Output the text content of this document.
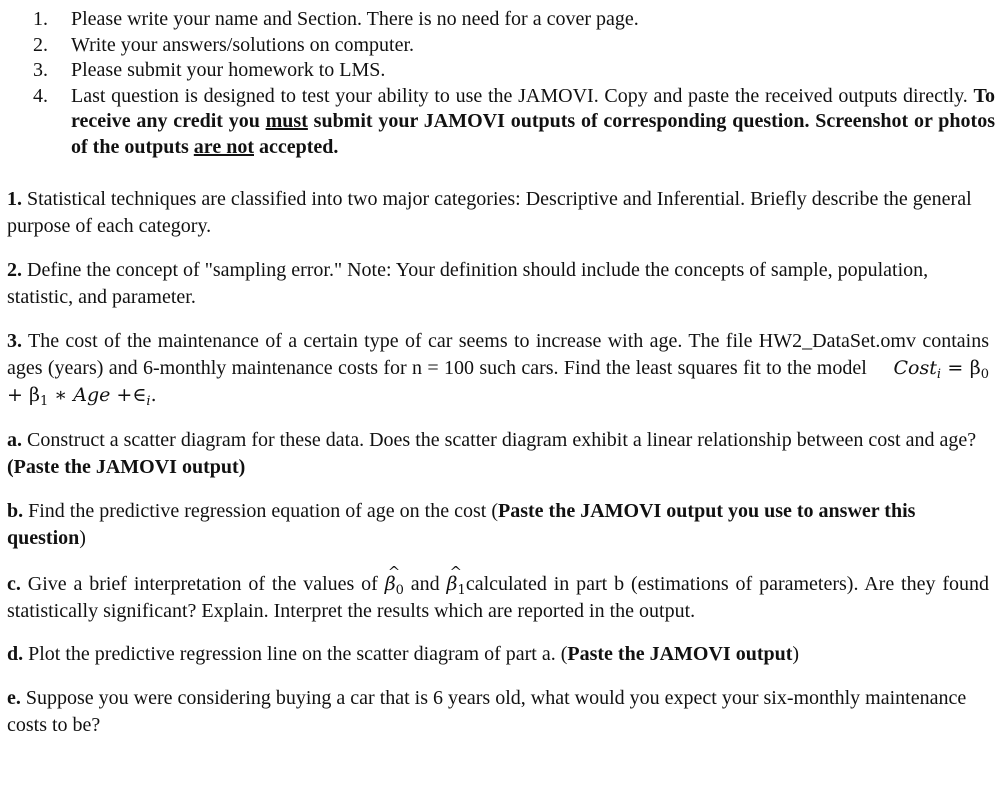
1. Please write your name and Section. There is no need for a cover page.
2. Write your answers/solutions on computer.
3. Please submit your homework to LMS.
4. Last question is designed to test your ability to use the JAMOVI. Copy and paste the received outputs directly. To receive any credit you must submit your JAMOVI outputs of corresponding question. Screenshot or photos of the outputs are not accepted.

1. Statistical techniques are classified into two major categories: Descriptive and Inferential. Briefly describe the general purpose of each category.

2. Define the concept of "sampling error." Note: Your definition should include the concepts of sample, population, statistic, and parameter.

3. The cost of the maintenance of a certain type of car seems to increase with age. The file HW2_DataSet.omv contains ages (years) and 6-monthly maintenance costs for n = 100 such cars. Find the least squares fit to the model Cost$_i$ = $\beta_0 + \beta_1$ ∗ Age $+\in_i$.

a. Construct a scatter diagram for these data. Does the scatter diagram exhibit a linear relationship between cost and age? (Paste the JAMOVI output)

b. Find the predictive regression equation of age on the cost (Paste the JAMOVI output you use to answer this question)

c. Give a brief interpretation of the values of ^ $\beta_0$ and ^ $\beta_1calculated$ in part b (estimations of parameters). Are they found statistically significant? Explain. Interpret the results which are reported in the output.

d. Plot the predictive regression line on the scatter diagram of part a. (Paste the JAMOVI output)

e. Suppose you were considering buying a car that is 6 years old, what would you expect your six-monthly maintenance costs to be?
